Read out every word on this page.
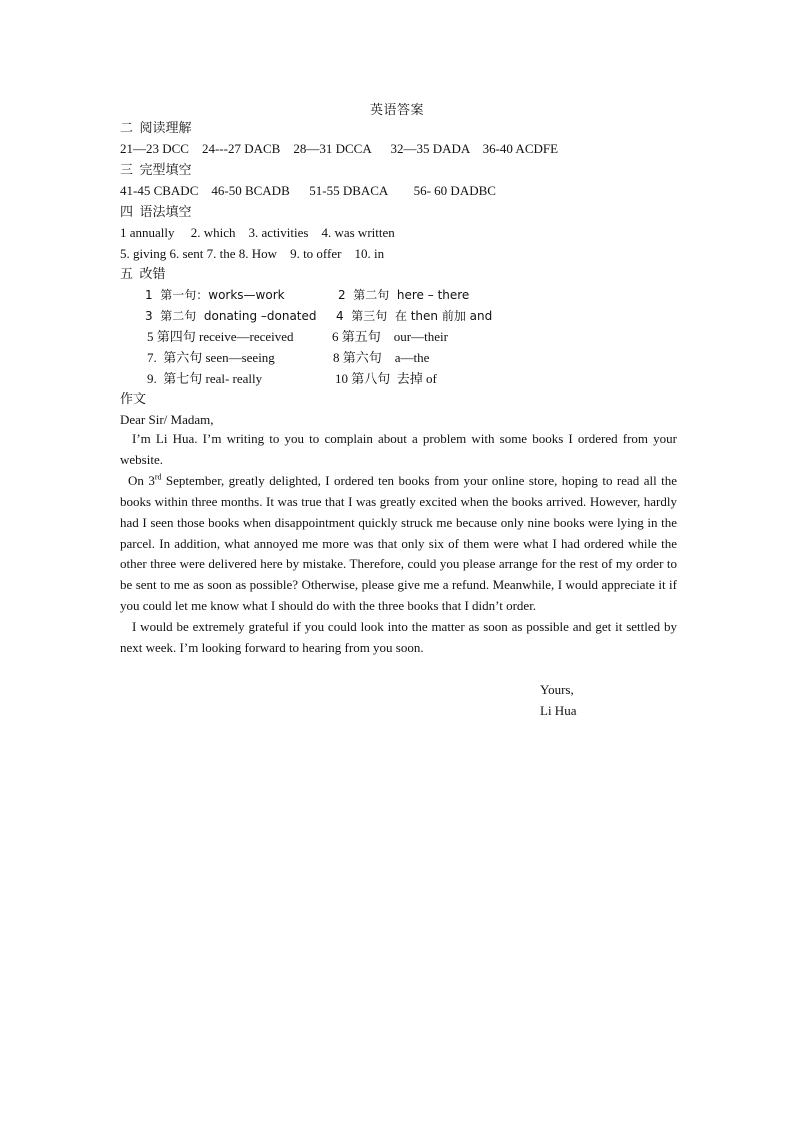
英语答案
二  阅读理解
21—23 DCC    24---27 DACB    28—31 DCCA      32—35 DADA    36-40 ACDFE
三  完型填空
41-45 CBADC    46-50 BCADB      51-55 DBACA        56- 60 DADBC
四  语法填空
1 annually     2. which    3. activities    4. was written
5. giving 6. sent 7. the 8. How    9. to offer    10. in
五  改错
1  第一句：works—work	2  第二句  here – there
3  第二句  donating –donated 4  第三句  在 then 前加 and
5 第四句 receive—received	6 第五句    our—their
7.  第六句 seen—seeing	8 第六句    a—the
9.  第七句 real- really	10 第八句  去掉 of
作文
Dear Sir/ Madam,

I’m Li Hua. I’m writing to you to complain about a problem with some books I ordered from your website.

On 3rd September, greatly delighted, I ordered ten books from your online store, hoping to read all the books within three months. It was true that I was greatly excited when the books arrived. However, hardly had I seen those books when disappointment quickly struck me because only nine books were lying in the parcel. In addition, what annoyed me more was that only six of them were what I had ordered while the other three were delivered here by mistake. Therefore, could you please arrange for the rest of my order to be sent to me as soon as possible? Otherwise, please give me a refund. Meanwhile, I would appreciate it if you could let me know what I should do with the three books that I didn’t order.

I would be extremely grateful if you could look into the matter as soon as possible and get it settled by next week. I’m looking forward to hearing from you soon.

Yours,
Li Hua
